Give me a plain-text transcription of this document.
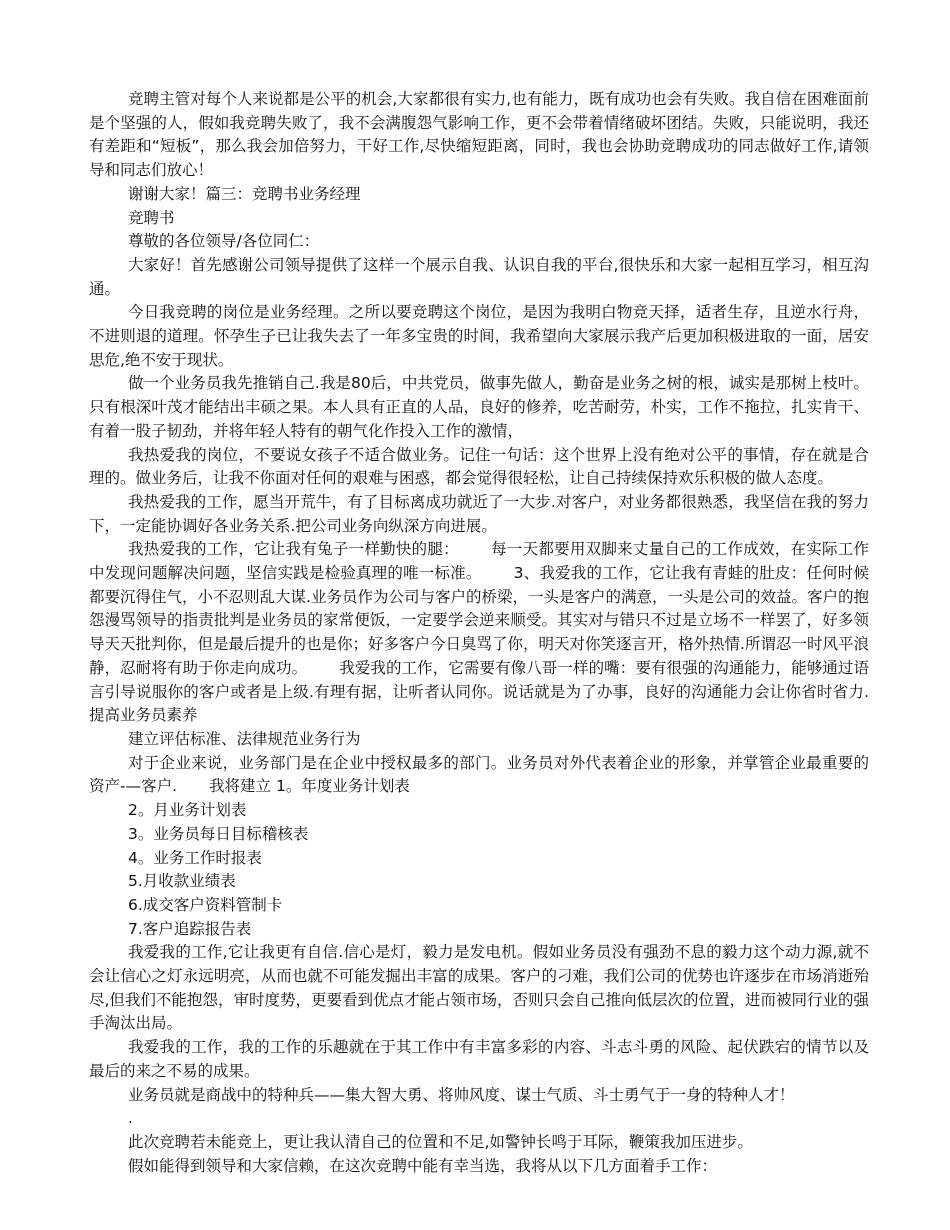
竞聘主管对每个人来说都是公平的机会,大家都很有实力,也有能力，既有成功也会有失败。我自信在困难面前是个坚强的人，假如我竞聘失败了，我不会满腹怨气影响工作，更不会带着情绪破坏团结。失败，只能说明，我还有差距和“短板”，那么我会加倍努力，干好工作,尽快缩短距离，同时，我也会协助竞聘成功的同志做好工作,请领导和同志们放心！

谢谢大家！篇三：竞聘书业务经理

竞聘书

尊敬的各位领导/各位同仁：

大家好！首先感谢公司领导提供了这样一个展示自我、认识自我的平台,很快乐和大家一起相互学习，相互沟通。

今日我竞聘的岗位是业务经理。之所以要竞聘这个岗位，是因为我明白物竞天择，适者生存，且逆水行舟，不进则退的道理。怀孕生子已让我失去了一年多宝贵的时间，我希望向大家展示我产后更加积极进取的一面，居安思危,绝不安于现状。

做一个业务员我先推销自己.我是80后，中共党员，做事先做人，勤奋是业务之树的根，诚实是那树上枝叶。只有根深叶茂才能结出丰硕之果。本人具有正直的人品，良好的修养，吃苦耐劳，朴实，工作不拖拉，扎实肯干、有着一股子韧劲，并将年轻人特有的朝气化作投入工作的激情，

我热爱我的岗位，不要说女孩子不适合做业务。记住一句话：这个世界上没有绝对公平的事情，存在就是合理的。做业务后，让我不你面对任何的艰难与困惑，都会觉得很轻松，让自己持续保持欢乐积极的做人态度。

我热爱我的工作，愿当开荒牛，有了目标离成功就近了一大步.对客户，对业务都很熟悉，我坚信在我的努力下，一定能协调好各业务关系.把公司业务向纵深方向进展。

我热爱我的工作，它让我有兔子一样勤快的腿： 每一天都要用双脚来丈量自己的工作成效，在实际工作中发现问题解决问题，坚信实践是检验真理的唯一标准。 3、我爱我的工作，它让我有青蛙的肚皮：任何时候都要沉得住气，小不忍则乱大谋.业务员作为公司与客户的桥梁，一头是客户的满意，一头是公司的效益。客户的抱怨漫骂领导的指责批判是业务员的家常便饭，一定要学会逆来顺受。其实对与错只不过是立场不一样罢了，好多领导天天批判你，但是最后提升的也是你；好多客户今日臭骂了你，明天对你笑逐言开，格外热情.所谓忍一时风平浪静，忍耐将有助于你走向成功。 我爱我的工作，它需要有像八哥一样的嘴：要有很强的沟通能力，能够通过语言引导说服你的客户或者是上级.有理有据，让听者认同你。说话就是为了办事，良好的沟通能力会让你省时省力.提高业务员素养

建立评估标准、法律规范业务行为

对于企业来说，业务部门是在企业中授权最多的部门。业务员对外代表着企业的形象，并掌管企业最重要的资产-—客户. 我将建立 1。年度业务计划表

2。月业务计划表

3。业务员每日目标稽核表

4。业务工作时报表

5.月收款业绩表

6.成交客户资料管制卡

7.客户追踪报告表

我爱我的工作,它让我更有自信.信心是灯，毅力是发电机。假如业务员没有强劲不息的毅力这个动力源,就不会让信心之灯永远明亮，从而也就不可能发掘出丰富的成果。客户的刁难，我们公司的优势也许逐步在市场消逝殆尽,但我们不能抱怨，审时度势，更要看到优点才能占领市场，否则只会自己推向低层次的位置，进而被同行业的强手淘汰出局。

我爱我的工作，我的工作的乐趣就在于其工作中有丰富多彩的内容、斗志斗勇的风险、起伏跌宕的情节以及最后的来之不易的成果。

业务员就是商战中的特种兵——集大智大勇、将帅风度、谋士气质、斗士勇气于一身的特种人才！

.

此次竞聘若未能竞上，更让我认清自己的位置和不足,如警钟长鸣于耳际，鞭策我加压进步。

假如能得到领导和大家信赖，在这次竞聘中能有幸当选，我将从以下几方面着手工作：
